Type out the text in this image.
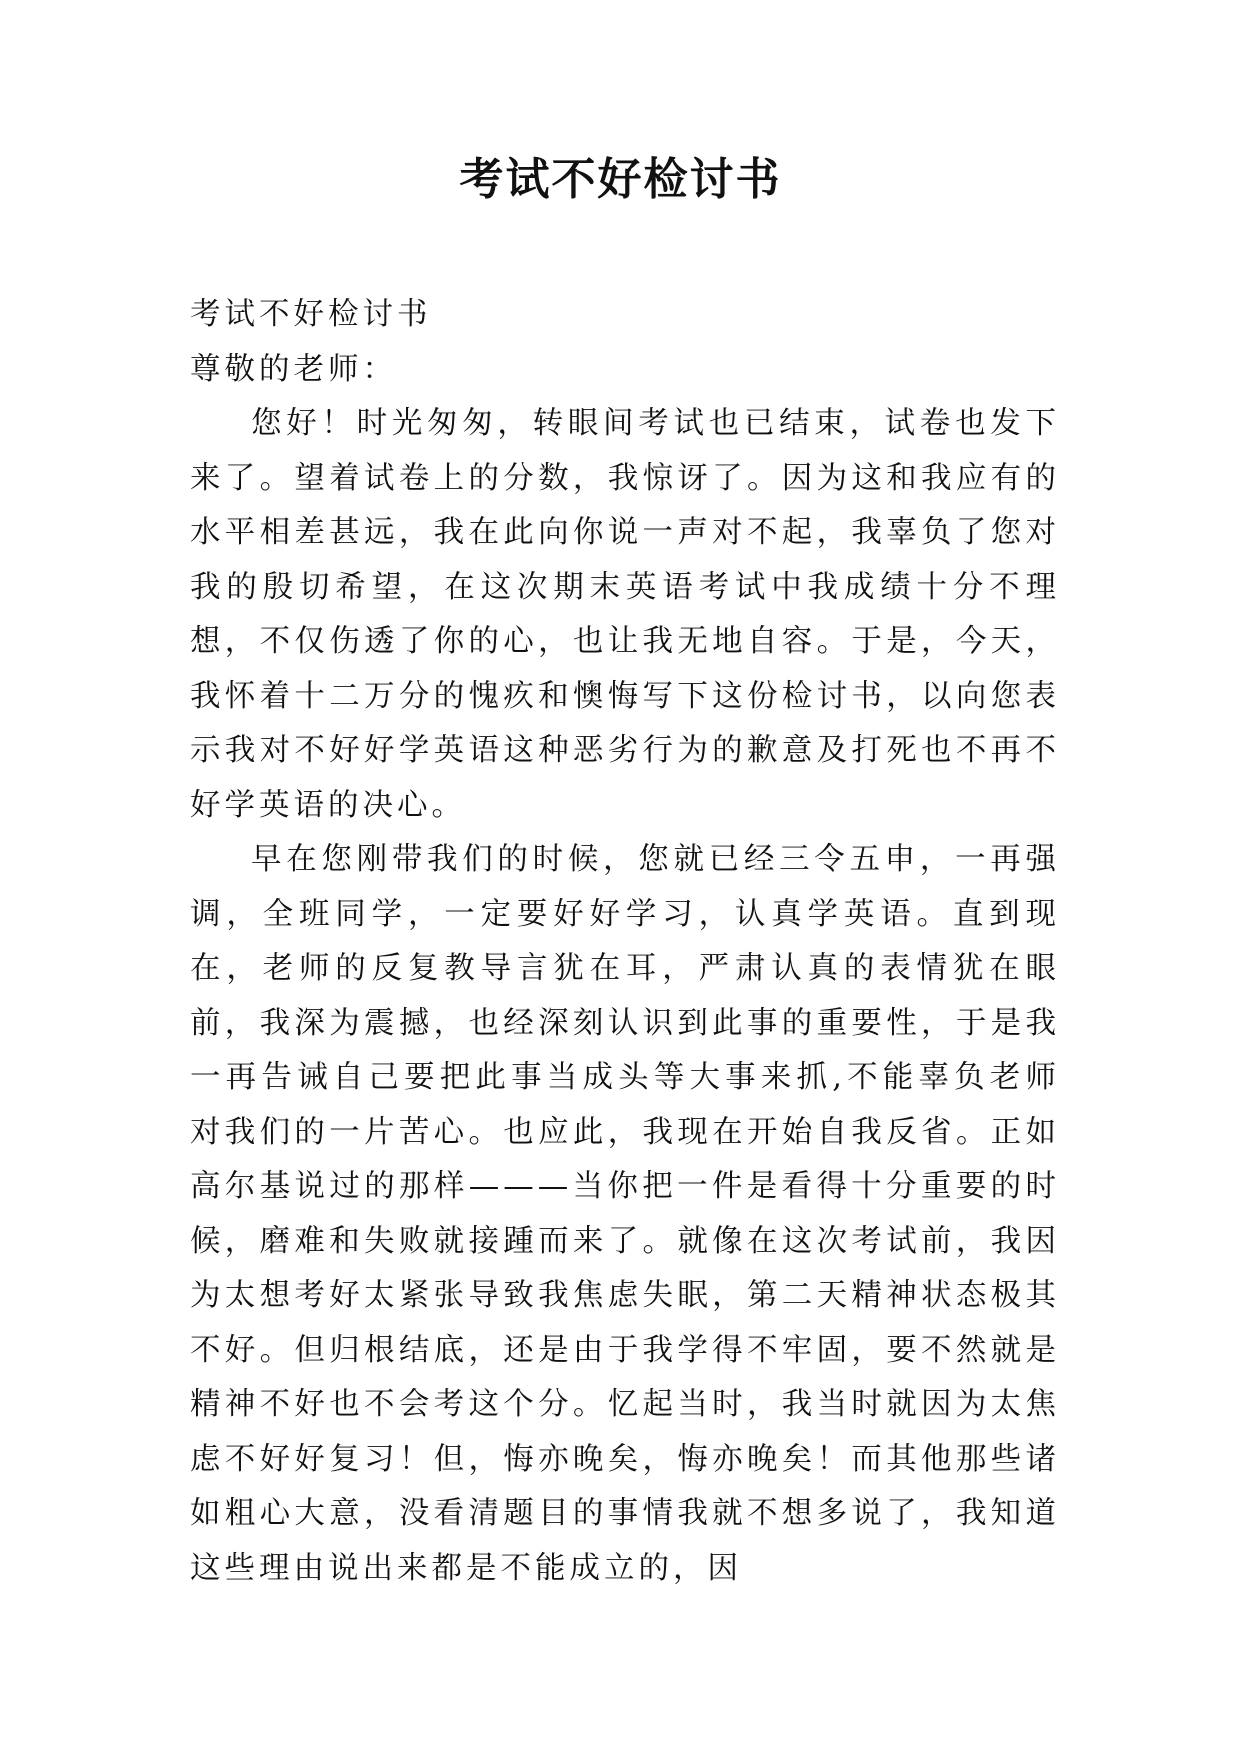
考试不好检讨书

考试不好检讨书

尊敬的老师：

您好！时光匆匆，转眼间考试也已结束，试卷也发下来了。望着试卷上的分数，我惊讶了。因为这和我应有的水平相差甚远，我在此向你说一声对不起，我辜负了您对我的殷切希望，在这次期末英语考试中我成绩十分不理想，不仅伤透了你的心，也让我无地自容。于是，今天，我怀着十二万分的愧疚和懊悔写下这份检讨书，以向您表示我对不好好学英语这种恶劣行为的歉意及打死也不再不好学英语的决心。

早在您刚带我们的时候，您就已经三令五申，一再强调，全班同学，一定要好好学习，认真学英语。直到现在，老师的反复教导言犹在耳，严肃认真的表情犹在眼前，我深为震撼，也经深刻认识到此事的重要性，于是我一再告诫自己要把此事当成头等大事来抓,不能辜负老师对我们的一片苦心。也应此，我现在开始自我反省。正如高尔基说过的那样———当你把一件是看得十分重要的时候，磨难和失败就接踵而来了。就像在这次考试前，我因为太想考好太紧张导致我焦虑失眠，第二天精神状态极其不好。但归根结底，还是由于我学得不牢固，要不然就是精神不好也不会考这个分。忆起当时，我当时就因为太焦虑不好好复习！但，悔亦晚矣，悔亦晚矣！而其他那些诸如粗心大意，没看清题目的事情我就不想多说了，我知道这些理由说出来都是不能成立的，因
